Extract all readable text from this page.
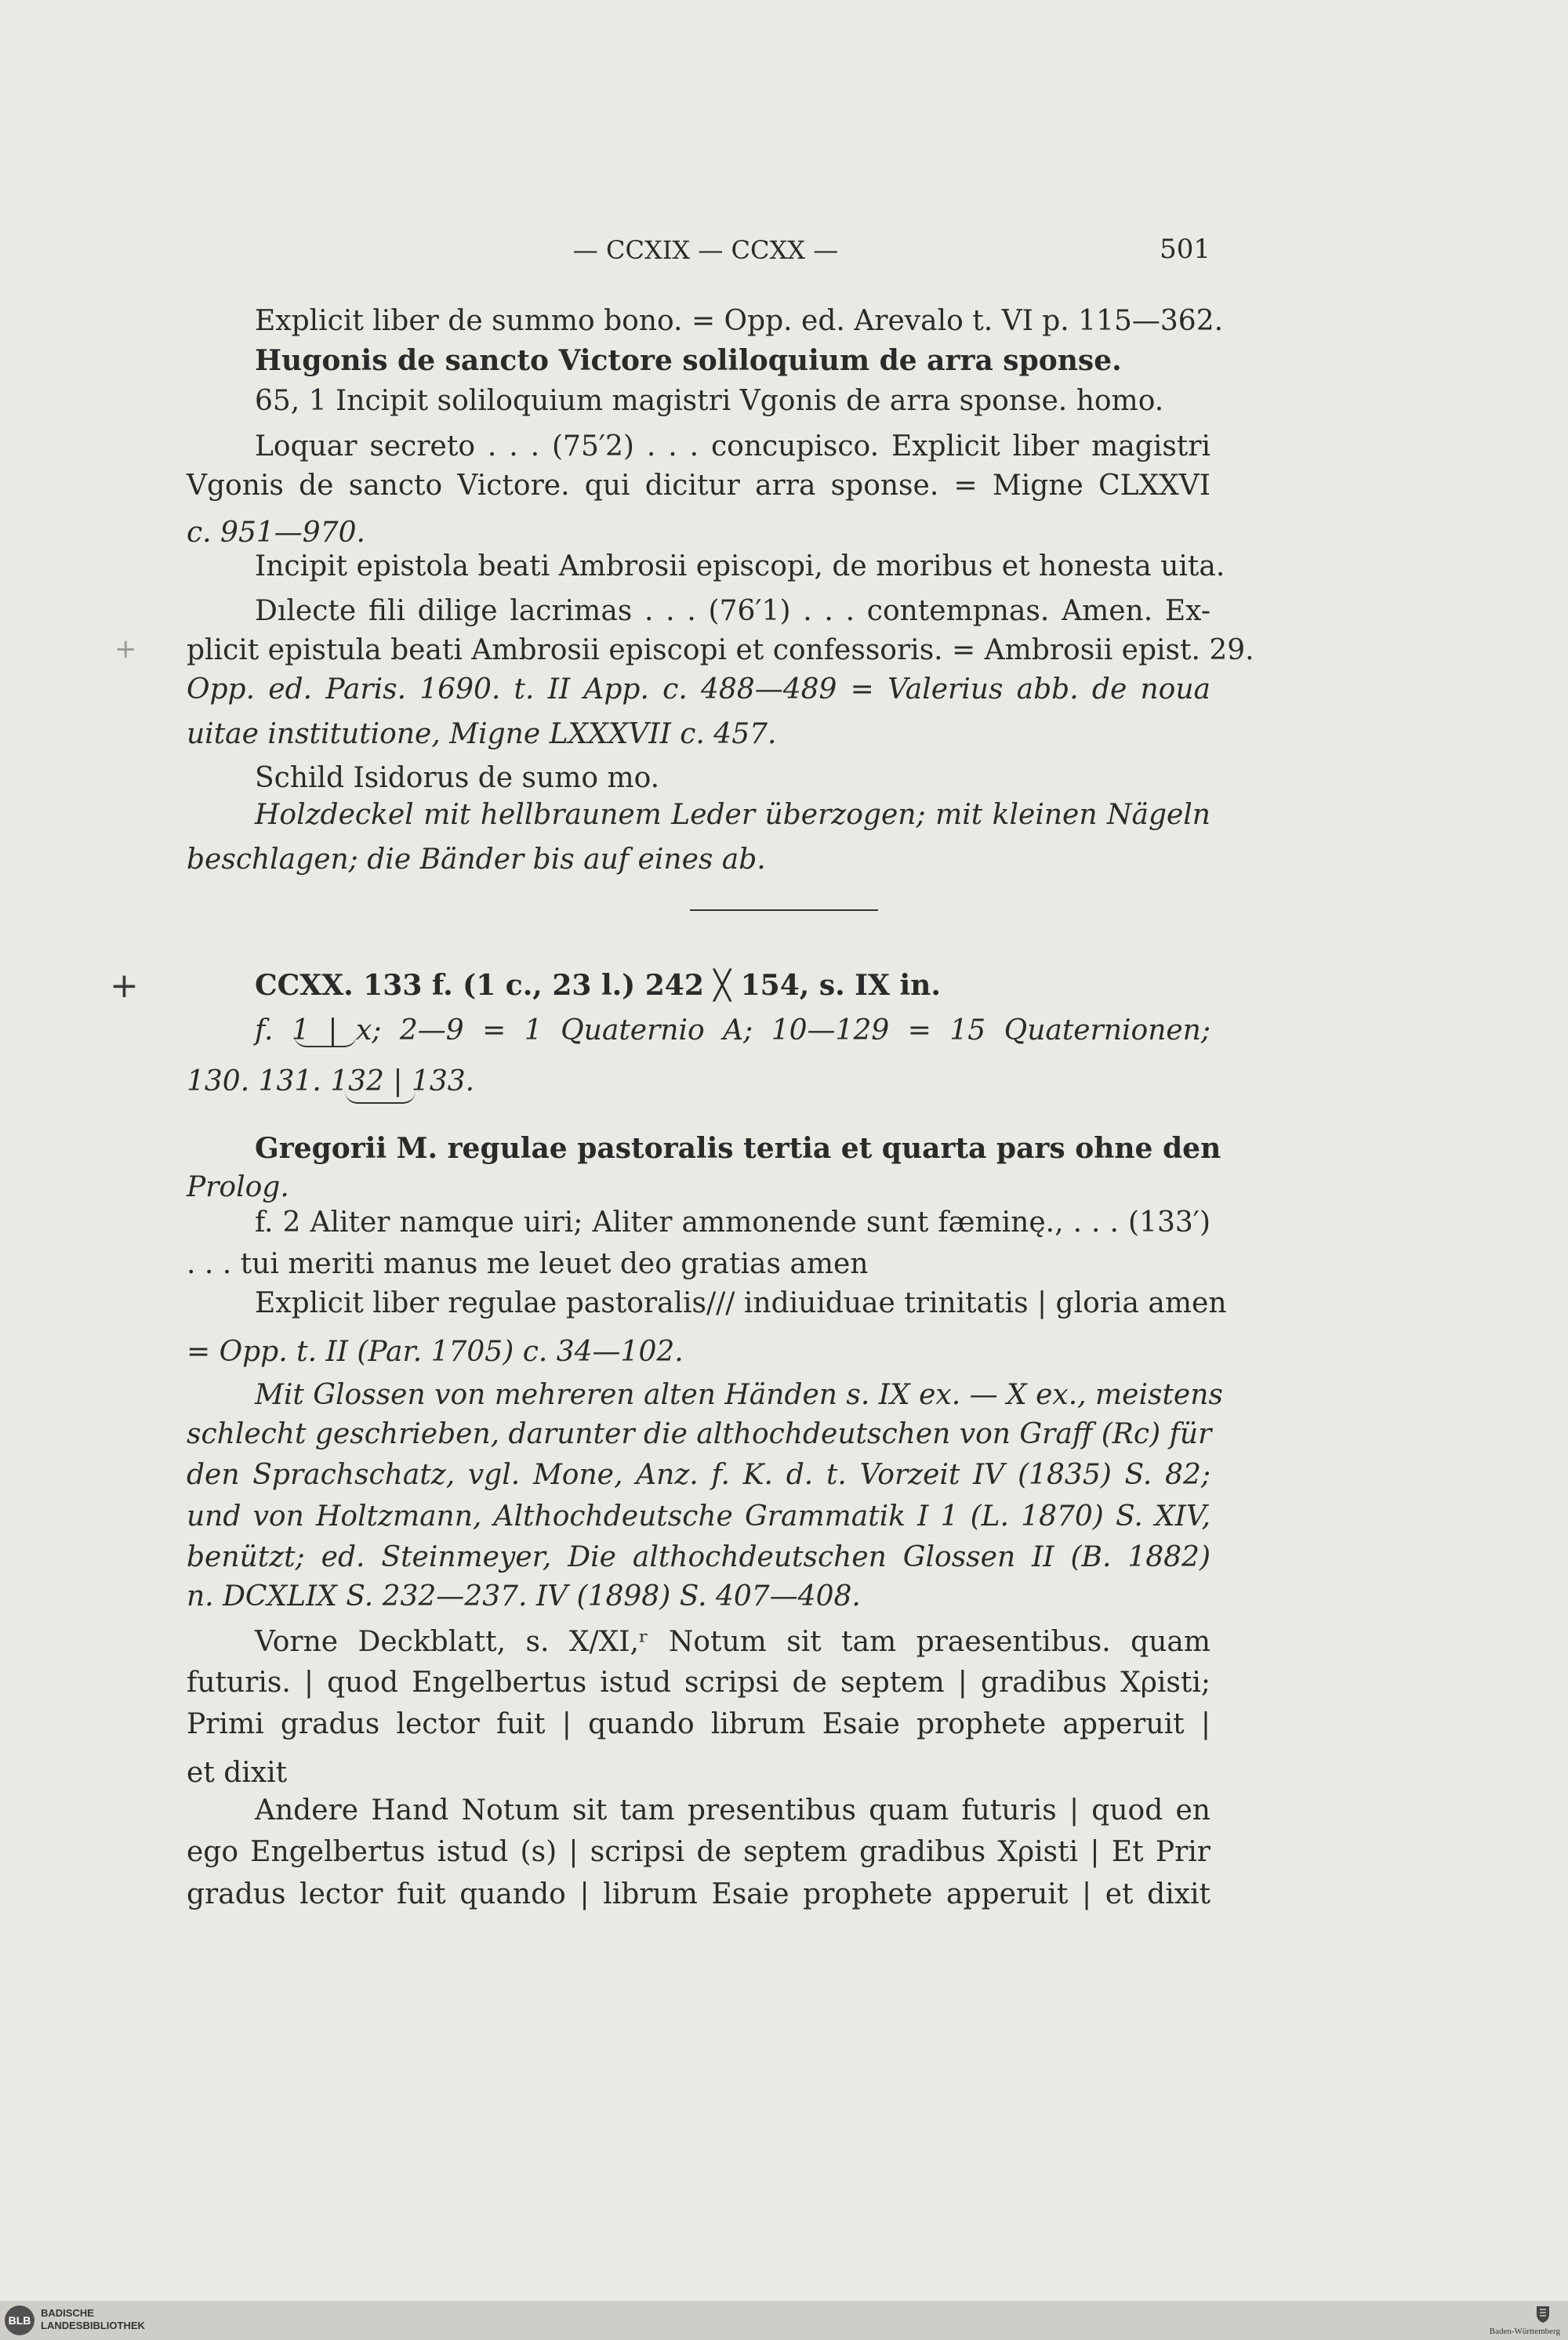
— CCXIX — CCXX —	501
+
+
Explicit liber de summo bono. = Opp. ed. Arevalo t. VI p. 115—362.
Hugonis de sancto Victore soliloquium de arra sponse.
65, 1 Incipit soliloquium magistri Vgonis de arra sponse. homo.
Loquar secreto . . . (75′2) . . . concupisco. Explicit liber magistri
Vgonis de sancto Victore. qui dicitur arra sponse. = Migne CLXXVI
c. 951—970.
Incipit epistola beati Ambrosii episcopi, de moribus et honesta uita.
Dılecte fili dilige lacrimas . . . (76′1) . . . contempnas. Amen. Ex-
plicit epistula beati Ambrosii episcopi et confessoris. = Ambrosii epist. 29.
Opp. ed. Paris. 1690. t. II App. c. 488—489 = Valerius abb. de noua
uitae institutione, Migne LXXXVII c. 457.
Schild Isidorus de sumo mo.
Holzdeckel mit hellbraunem Leder überzogen; mit kleinen Nägeln
beschlagen; die Bänder bis auf eines ab.
CCXX. 133 f. (1 c., 23 l.) 242 ╳ 154, s. IX in.
f. 1 | x; 2—9 = 1 Quaternio A; 10—129 = 15 Quaternionen;
130. 131. 132 | 133.
Gregorii M. regulae pastoralis tertia et quarta pars ohne den
Prolog.
f. 2 Aliter namque uiri; Aliter ammonende sunt fæminę., . . . (133′)
. . . tui meriti manus me leuet deo gratias amen
Explicit liber regulae pastoralis/// indiuiduae trinitatis | gloria amen
= Opp. t. II (Par. 1705) c. 34—102.
Mit Glossen von mehreren alten Händen s. IX ex. — X ex., meistens
schlecht geschrieben, darunter die althochdeutschen von Graff (Rc) für
den Sprachschatz, vgl. Mone, Anz. f. K. d. t. Vorzeit IV (1835) S. 82;
und von Holtzmann, Althochdeutsche Grammatik I 1 (L. 1870) S. XIV,
benützt; ed. Steinmeyer, Die althochdeutschen Glossen II (B. 1882)
n. DCXLIX S. 232—237. IV (1898) S. 407—408.
Vorne Deckblatt, s. X/XI,ʳ Notum sit tam praesentibus. quam
futuris. | quod Engelbertus istud scripsi de septem | gradibus Χρisti;
Primi gradus lector fuit | quando librum Esaie prophete apperuit |
et dixit
Andere Hand Notum sit tam presentibus quam futuris | quod en
ego Engelbertus istud (s) | scripsi de septem gradibus Χρisti | Et Prir
gradus lector fuit quando | librum Esaie prophete apperuit | et dixit
BLB
BADISCHE LANDESBIBLIOTHEK	Baden-Württemberg
